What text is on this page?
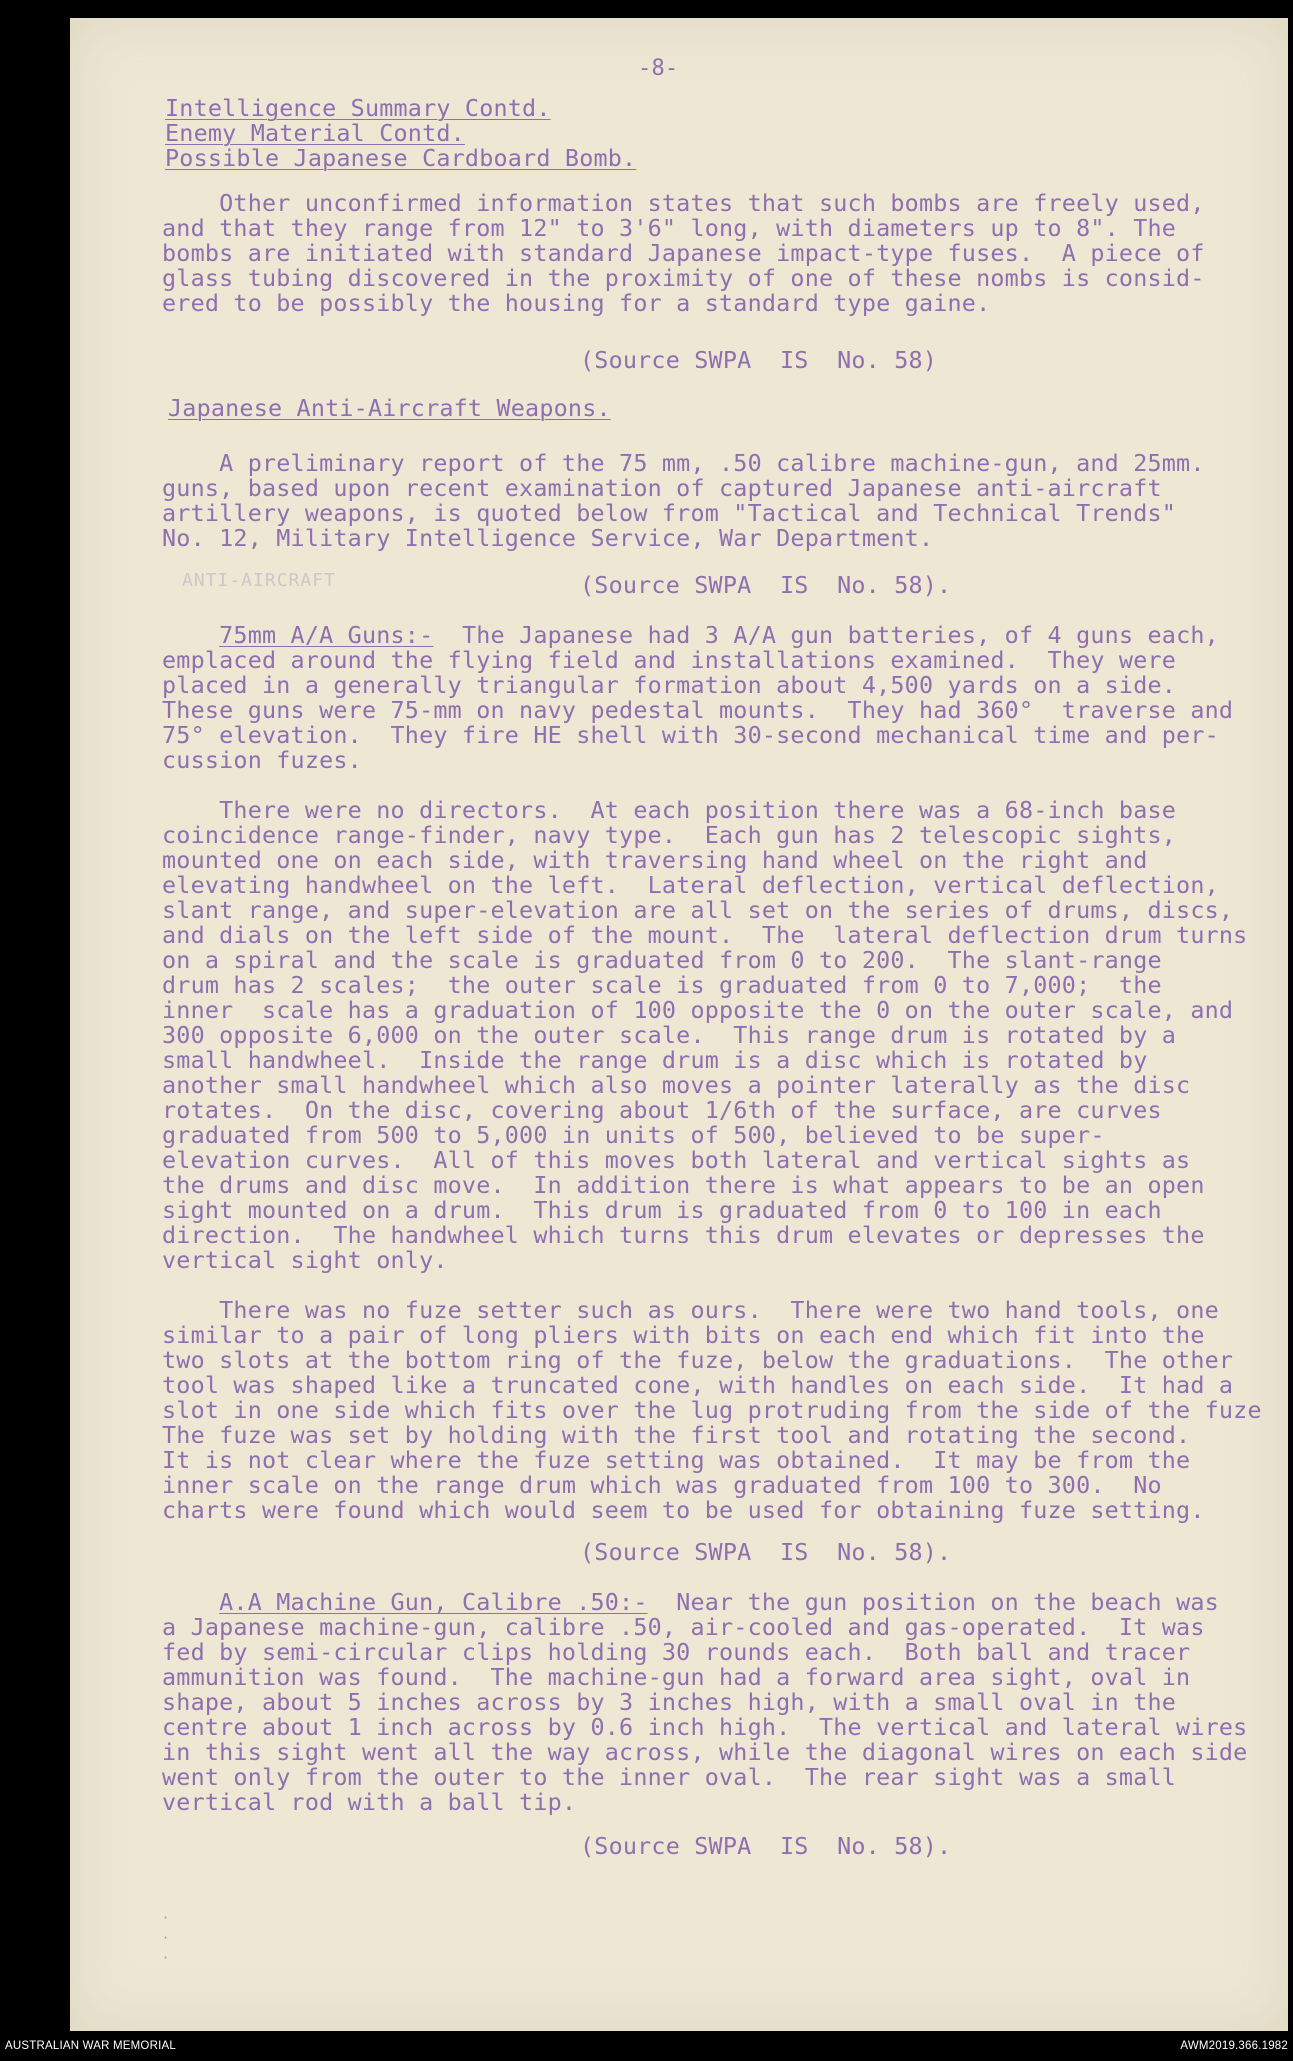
-8-
Intelligence Summary Contd.
Enemy Material Contd.
Possible Japanese Cardboard Bomb.
Other unconfirmed information states that such bombs are freely used,
and that they range from 12" to 3'6" long, with diameters up to 8". The
bombs are initiated with standard Japanese impact-type fuses.  A piece of
glass tubing discovered in the proximity of one of these nombs is consid-
ered to be possibly the housing for a standard type gaine.
(Source SWPA  IS  No. 58)
Japanese Anti-Aircraft Weapons.
A preliminary report of the 75 mm, .50 calibre machine-gun, and 25mm.
guns, based upon recent examination of captured Japanese anti-aircraft
artillery weapons, is quoted below from "Tactical and Technical Trends"
No. 12, Military Intelligence Service, War Department.
ANTI-AIRCRAFT	(Source SWPA  IS  No. 58).
75mm A/A Guns:-  The Japanese had 3 A/A gun batteries, of 4 guns each,
emplaced around the flying field and installations examined.  They were
placed in a generally triangular formation about 4,500 yards on a side.
These guns were 75-mm on navy pedestal mounts.  They had 360°  traverse and
75° elevation.  They fire HE shell with 30-second mechanical time and per-
cussion fuzes.
There were no directors.  At each position there was a 68-inch base
coincidence range-finder, navy type.  Each gun has 2 telescopic sights,
mounted one on each side, with traversing hand wheel on the right and
elevating handwheel on the left.  Lateral deflection, vertical deflection,
slant range, and super-elevation are all set on the series of drums, discs,
and dials on the left side of the mount.  The  lateral deflection drum turns
on a spiral and the scale is graduated from 0 to 200.  The slant-range
drum has 2 scales;  the outer scale is graduated from 0 to 7,000;  the
inner  scale has a graduation of 100 opposite the 0 on the outer scale, and
300 opposite 6,000 on the outer scale.  This range drum is rotated by a
small handwheel.  Inside the range drum is a disc which is rotated by
another small handwheel which also moves a pointer laterally as the disc
rotates.  On the disc, covering about 1/6th of the surface, are curves
graduated from 500 to 5,000 in units of 500, believed to be super-
elevation curves.  All of this moves both lateral and vertical sights as
the drums and disc move.  In addition there is what appears to be an open
sight mounted on a drum.  This drum is graduated from 0 to 100 in each
direction.  The handwheel which turns this drum elevates or depresses the
vertical sight only.
There was no fuze setter such as ours.  There were two hand tools, one
similar to a pair of long pliers with bits on each end which fit into the
two slots at the bottom ring of the fuze, below the graduations.  The other
tool was shaped like a truncated cone, with handles on each side.  It had a
slot in one side which fits over the lug protruding from the side of the fuze
The fuze was set by holding with the first tool and rotating the second.
It is not clear where the fuze setting was obtained.  It may be from the
inner scale on the range drum which was graduated from 100 to 300.  No
charts were found which would seem to be used for obtaining fuze setting.
(Source SWPA  IS  No. 58).
A.A Machine Gun, Calibre .50:-  Near the gun position on the beach was
a Japanese machine-gun, calibre .50, air-cooled and gas-operated.  It was
fed by semi-circular clips holding 30 rounds each.  Both ball and tracer
ammunition was found.  The machine-gun had a forward area sight, oval in
shape, about 5 inches across by 3 inches high, with a small oval in the
centre about 1 inch across by 0.6 inch high.  The vertical and lateral wires
in this sight went all the way across, while the diagonal wires on each side
went only from the outer to the inner oval.  The rear sight was a small
vertical rod with a ball tip.
(Source SWPA  IS  No. 58).
·
·
·
AUSTRALIAN WAR MEMORIAL	AWM2019.366.1982
